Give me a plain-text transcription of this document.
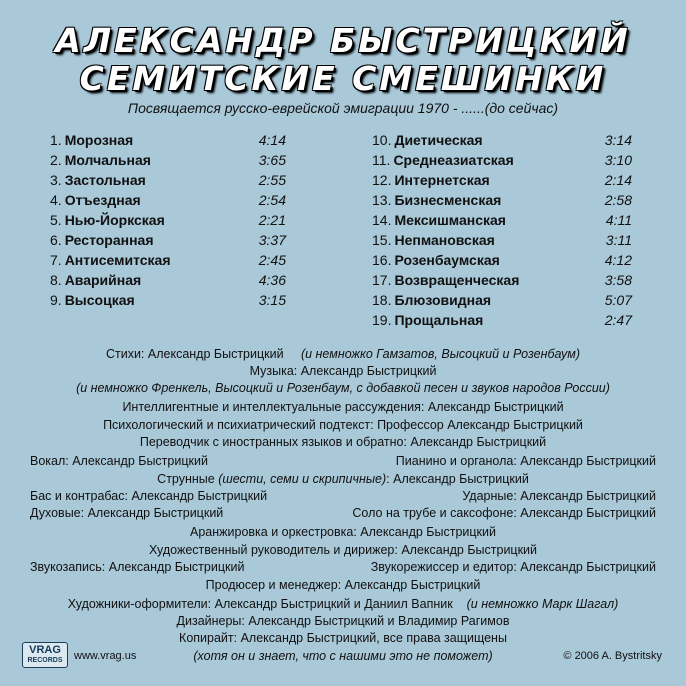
АЛЕКСАНДР БЫСТРИЦКИЙ
СЕМИТСКИЕ СМЕШИНКИ
Посвящается русско-еврейской эмиграции 1970 - ......(до сейчас)
1. Морозная	4:14
2. Молчальная	3:65
3. Застольная	2:55
4. Отъездная	2:54
5. Нью-Йоркская	2:21
6. Ресторанная	3:37
7. Антисемитская	2:45
8. Аварийная	4:36
9. Высоцкая	3:15
10. Диетическая	3:14
11. Среднеазиатская	3:10
12. Интернетская	2:14
13. Бизнесменская	2:58
14. Мексишманская	4:11
15. Непмановская	3:11
16. Розенбаумская	4:12
17. Возвращенческая	3:58
18. Блюзовидная	5:07
19. Прощальная	2:47
Стихи: Александр Быстрицкий (и немножко Гамзатов, Высоцкий и Розенбаум)
Музыка: Александр Быстрицкий
(и немножко Френкель, Высоцкий и Розенбаум, с добавкой песен и звуков народов России)
Интеллигентные и интеллектуальные рассуждения: Александр Быстрицкий
Психологический и психиатрический подтекст: Профессор Александр Быстрицкий
Переводчик с иностранных языков и обратно: Александр Быстрицкий
Вокал: Александр Быстрицкий	Пианино и органола: Александр Быстрицкий
Струнные (шести, семи и скрипичные): Александр Быстрицкий
Бас и контрабас: Александр Быстрицкий	Ударные: Александр Быстрицкий
Духовые: Александр Быстрицкий	Соло на трубе и саксофоне: Александр Быстрицкий
Аранжировка и оркестровка: Александр Быстрицкий
Художественный руководитель и дирижер: Александр Быстрицкий
Звукозапись: Александр Быстрицкий	Звукорежиссер и едитор: Александр Быстрицкий
Продюсер и менеджер: Александр Быстрицкий
Художники-оформители: Александр Быстрицкий и Даниил Вапник (и немножко Марк Шагал)
Дизайнеры: Александр Быстрицкий и Владимир Рагимов
Копирайт: Александр Быстрицкий, все права защищены
VRAG
RECORDS	www.vrag.us	(хотя он и знает, что с нашими это не поможет)	© 2006 A. Bystritsky
